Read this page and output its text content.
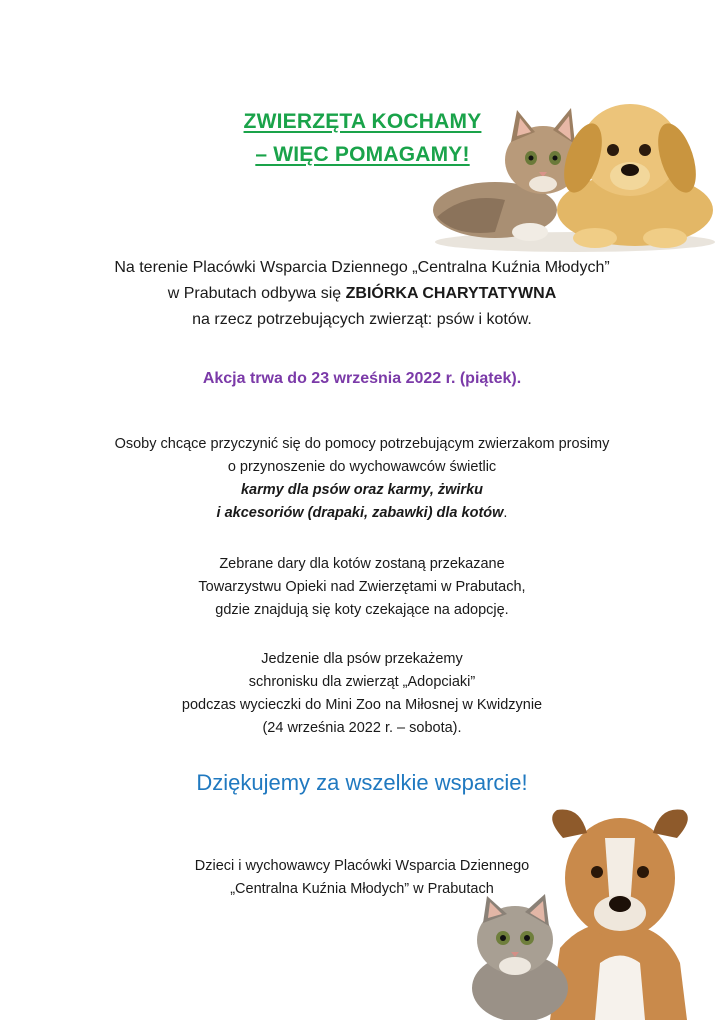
ZWIERZĘTA KOCHAMY
– WIĘC POMAGAMY!
Na terenie Placówki Wsparcia Dziennego „Centralna Kuźnia Młodych”
w Prabutach odbywa się ZBIÓRKA CHARYTATYWNA
na rzecz potrzebujących zwierząt: psów i kotów.
Akcja trwa do 23 września 2022 r. (piątek).
Osoby chcące przyczynić się do pomocy potrzebującym zwierzakom prosimy
o przynoszenie do wychowawców świetlic
karmy dla psów oraz karmy, żwirku
i akcesoriów (drapaki, zabawki) dla kotów.
Zebrane dary dla kotów zostaną przekazane
Towarzystwu Opieki nad Zwierzętami w Prabutach,
gdzie znajdują się koty czekające na adopcję.
Jedzenie dla psów przekażemy
schronisku dla zwierząt „Adopciaki”
podczas wycieczki do Mini Zoo na Miłosnej w Kwidzynie
(24 września 2022 r. – sobota).
Dziękujemy za wszelkie wsparcie!
Dzieci i wychowawcy Placówki Wsparcia Dziennego
„Centralna Kuźnia Młodych” w Prabutach
